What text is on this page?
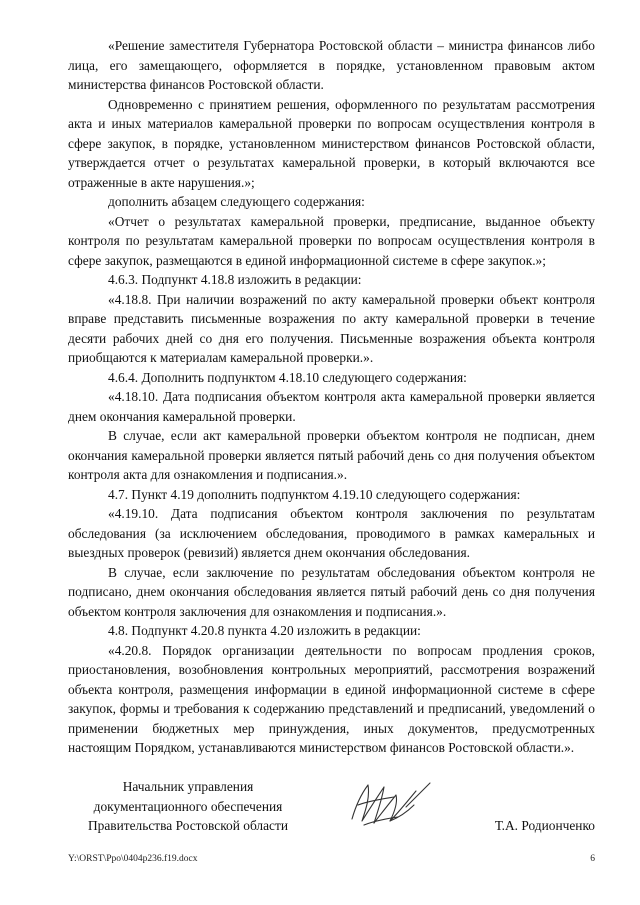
«Решение заместителя Губернатора Ростовской области – министра финансов либо лица, его замещающего, оформляется в порядке, установленном правовым актом министерства финансов Ростовской области.

Одновременно с принятием решения, оформленного по результатам рассмотрения акта и иных материалов камеральной проверки по вопросам осуществления контроля в сфере закупок, в порядке, установленном министерством финансов Ростовской области, утверждается отчет о результатах камеральной проверки, в который включаются все отраженные в акте нарушения.»;

дополнить абзацем следующего содержания:

«Отчет о результатах камеральной проверки, предписание, выданное объекту контроля по результатам камеральной проверки по вопросам осуществления контроля в сфере закупок, размещаются в единой информационной системе в сфере закупок.»;

4.6.3. Подпункт 4.18.8 изложить в редакции:

«4.18.8. При наличии возражений по акту камеральной проверки объект контроля вправе представить письменные возражения по акту камеральной проверки в течение десяти рабочих дней со дня его получения. Письменные возражения объекта контроля приобщаются к материалам камеральной проверки.».

4.6.4. Дополнить подпунктом 4.18.10 следующего содержания:

«4.18.10. Дата подписания объектом контроля акта камеральной проверки является днем окончания камеральной проверки.

В случае, если акт камеральной проверки объектом контроля не подписан, днем окончания камеральной проверки является пятый рабочий день со дня получения объектом контроля акта для ознакомления и подписания.».

4.7. Пункт 4.19 дополнить подпунктом 4.19.10 следующего содержания:

«4.19.10. Дата подписания объектом контроля заключения по результатам обследования (за исключением обследования, проводимого в рамках камеральных и выездных проверок (ревизий) является днем окончания обследования.

В случае, если заключение по результатам обследования объектом контроля не подписано, днем окончания обследования является пятый рабочий день со дня получения объектом контроля заключения для ознакомления и подписания.».

4.8. Подпункт 4.20.8 пункта 4.20 изложить в редакции:

«4.20.8. Порядок организации деятельности по вопросам продления сроков, приостановления, возобновления контрольных мероприятий, рассмотрения возражений объекта контроля, размещения информации в единой информационной системе в сфере закупок, формы и требования к содержанию представлений и предписаний, уведомлений о применении бюджетных мер принуждения, иных документов, предусмотренных настоящим Порядком, устанавливаются министерством финансов Ростовской области.».

Начальник управления
документационного обеспечения
Правительства Ростовской области	Т.А. Родионченко
Y:\ORST\Ppo\0404p236.f19.docx	6
